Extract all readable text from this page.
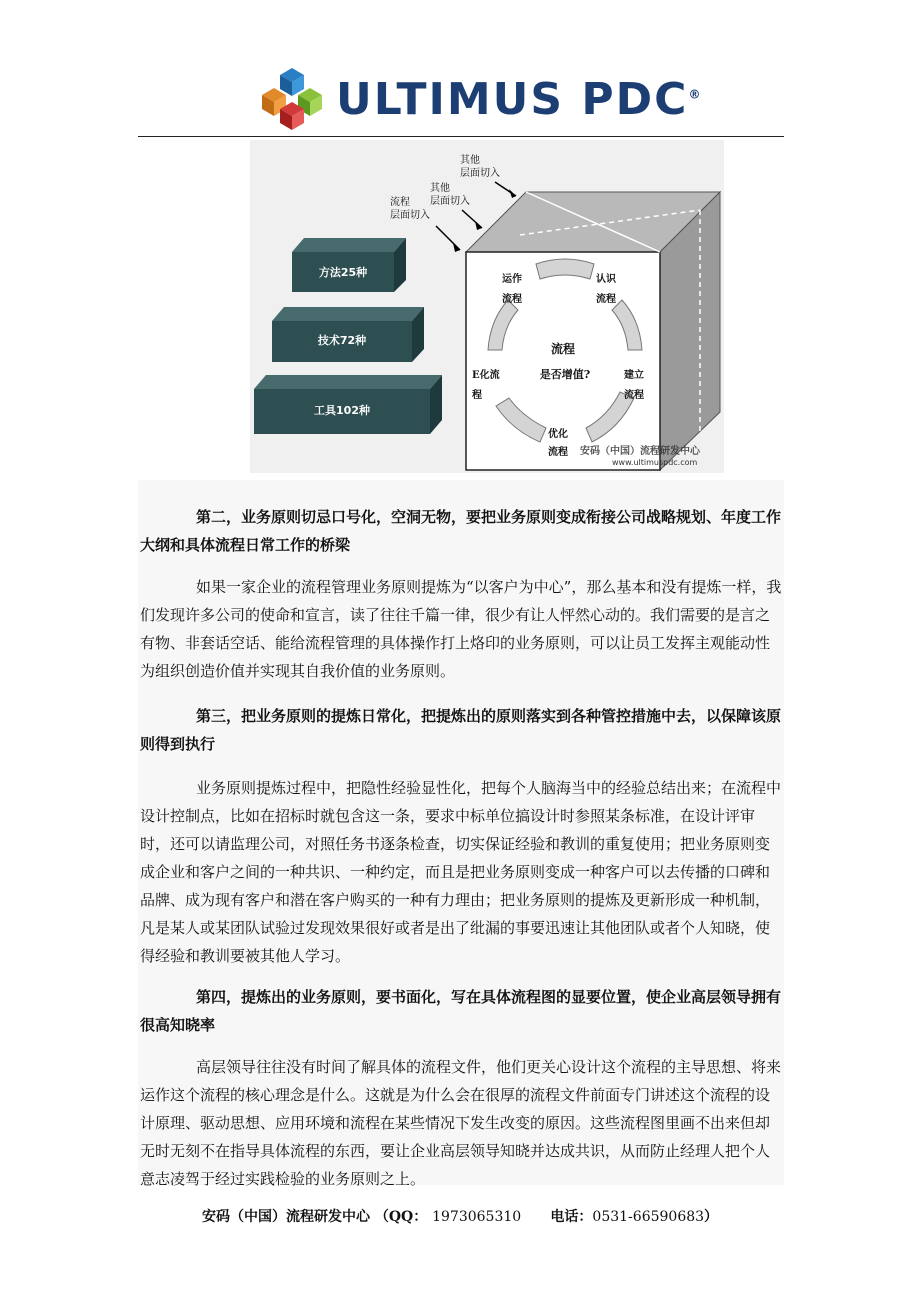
ULTIMUS PDC®
方法25种
技术72种
工具102种
其他
层面切入
其他
层面切入
流程
层面切入
流程
是否增值?
运作
流程
认识
流程
建立
流程
优化
流程
E化流
程
安码（中国）流程研发中心
www.ultimuspdc.com

第二，业务原则切忌口号化，空洞无物，要把业务原则变成衔接公司战略规划、年度工作大纲和具体流程日常工作的桥梁

如果一家企业的流程管理业务原则提炼为“以客户为中心”，那么基本和没有提炼一样，我们发现许多公司的使命和宣言，读了往往千篇一律，很少有让人怦然心动的。我们需要的是言之有物、非套话空话、能给流程管理的具体操作打上烙印的业务原则，可以让员工发挥主观能动性为组织创造价值并实现其自我价值的业务原则。

第三，把业务原则的提炼日常化，把提炼出的原则落实到各种管控措施中去，以保障该原则得到执行

业务原则提炼过程中，把隐性经验显性化，把每个人脑海当中的经验总结出来；在流程中设计控制点，比如在招标时就包含这一条，要求中标单位搞设计时参照某条标准，在设计评审时，还可以请监理公司，对照任务书逐条检查，切实保证经验和教训的重复使用；把业务原则变成企业和客户之间的一种共识、一种约定，而且是把业务原则变成一种客户可以去传播的口碑和品牌、成为现有客户和潜在客户购买的一种有力理由；把业务原则的提炼及更新形成一种机制，凡是某人或某团队试验过发现效果很好或者是出了纰漏的事要迅速让其他团队或者个人知晓，使得经验和教训要被其他人学习。

第四，提炼出的业务原则，要书面化，写在具体流程图的显要位置，使企业高层领导拥有很高知晓率

高层领导往往没有时间了解具体的流程文件，他们更关心设计这个流程的主导思想、将来运作这个流程的核心理念是什么。这就是为什么会在很厚的流程文件前面专门讲述这个流程的设计原理、驱动思想、应用环境和流程在某些情况下发生改变的原因。这些流程图里画不出来但却无时无刻不在指导具体流程的东西，要让企业高层领导知晓并达成共识，从而防止经理人把个人意志凌驾于经过实践检验的业务原则之上。

安码（中国）流程研发中心 （QQ： 1973065310 电话：0531-66590683）
